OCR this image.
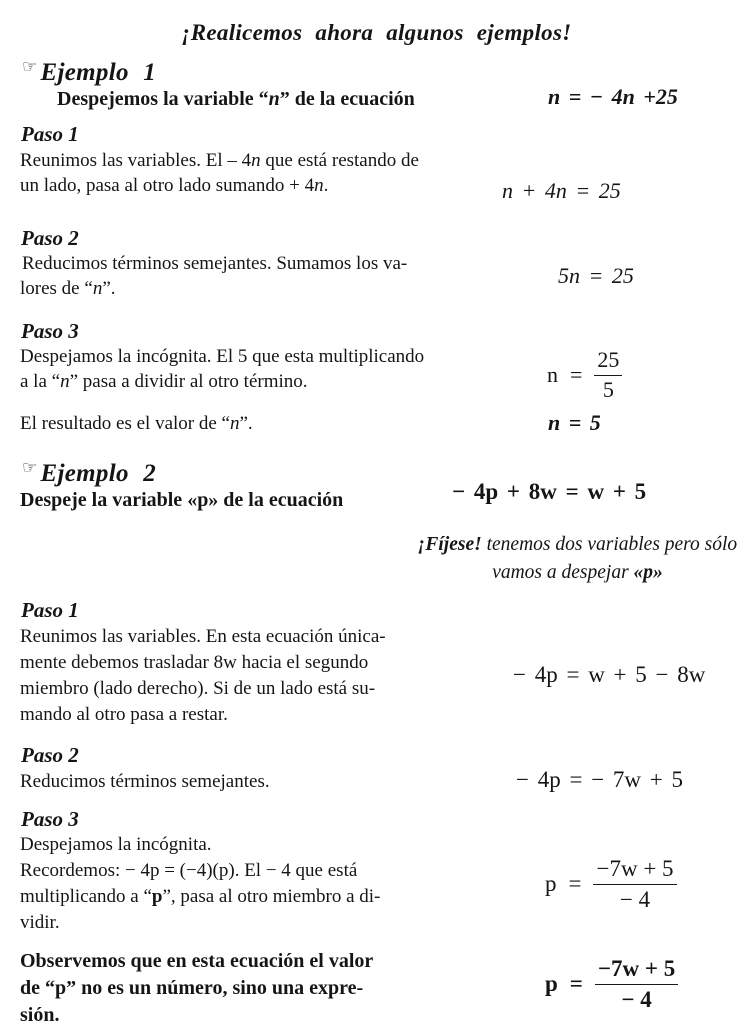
¡Realicemos ahora algunos ejemplos!
☞ Ejemplo 1
Despejemos la variable “n” de la ecuación	n = − 4n +25
Paso 1
Reunimos las variables. El – 4n que está restando de
un lado, pasa al otro lado sumando + 4n.	n + 4n = 25
Paso 2
Reducimos términos semejantes. Sumamos los va-
lores de “n”.
5n = 25
Paso 3
Despejamos la incógnita. El 5 que esta multiplicando
a la “n” pasa a dividir al otro término.	$n = \frac{25}{5}$
El resultado es el valor de “n”.	n = 5
☞ Ejemplo 2
Despeje la variable «p» de la ecuación	− 4p + 8w = w + 5
¡Fíjese! tenemos dos variables pero sólo
vamos a despejar «p»
Paso 1
Reunimos las variables. En esta ecuación única-
mente debemos trasladar 8w hacia el segundo
miembro (lado derecho). Si de un lado está su-
mando al otro pasa a restar.
− 4p = w + 5 − 8w
Paso 2
Reducimos términos semejantes.	− 4p = − 7w + 5
Paso 3
Despejamos la incógnita.
Recordemos: − 4p = (−4)(p). El − 4 que está
multiplicando a “p”, pasa al otro miembro a di-
vidir.
$p = \frac{-7w + 5}{- 4}$
Observemos que en esta ecuación el valor
de “p” no es un número, sino una expre-
sión.
$p = \frac{-7w + 5}{- 4}$
